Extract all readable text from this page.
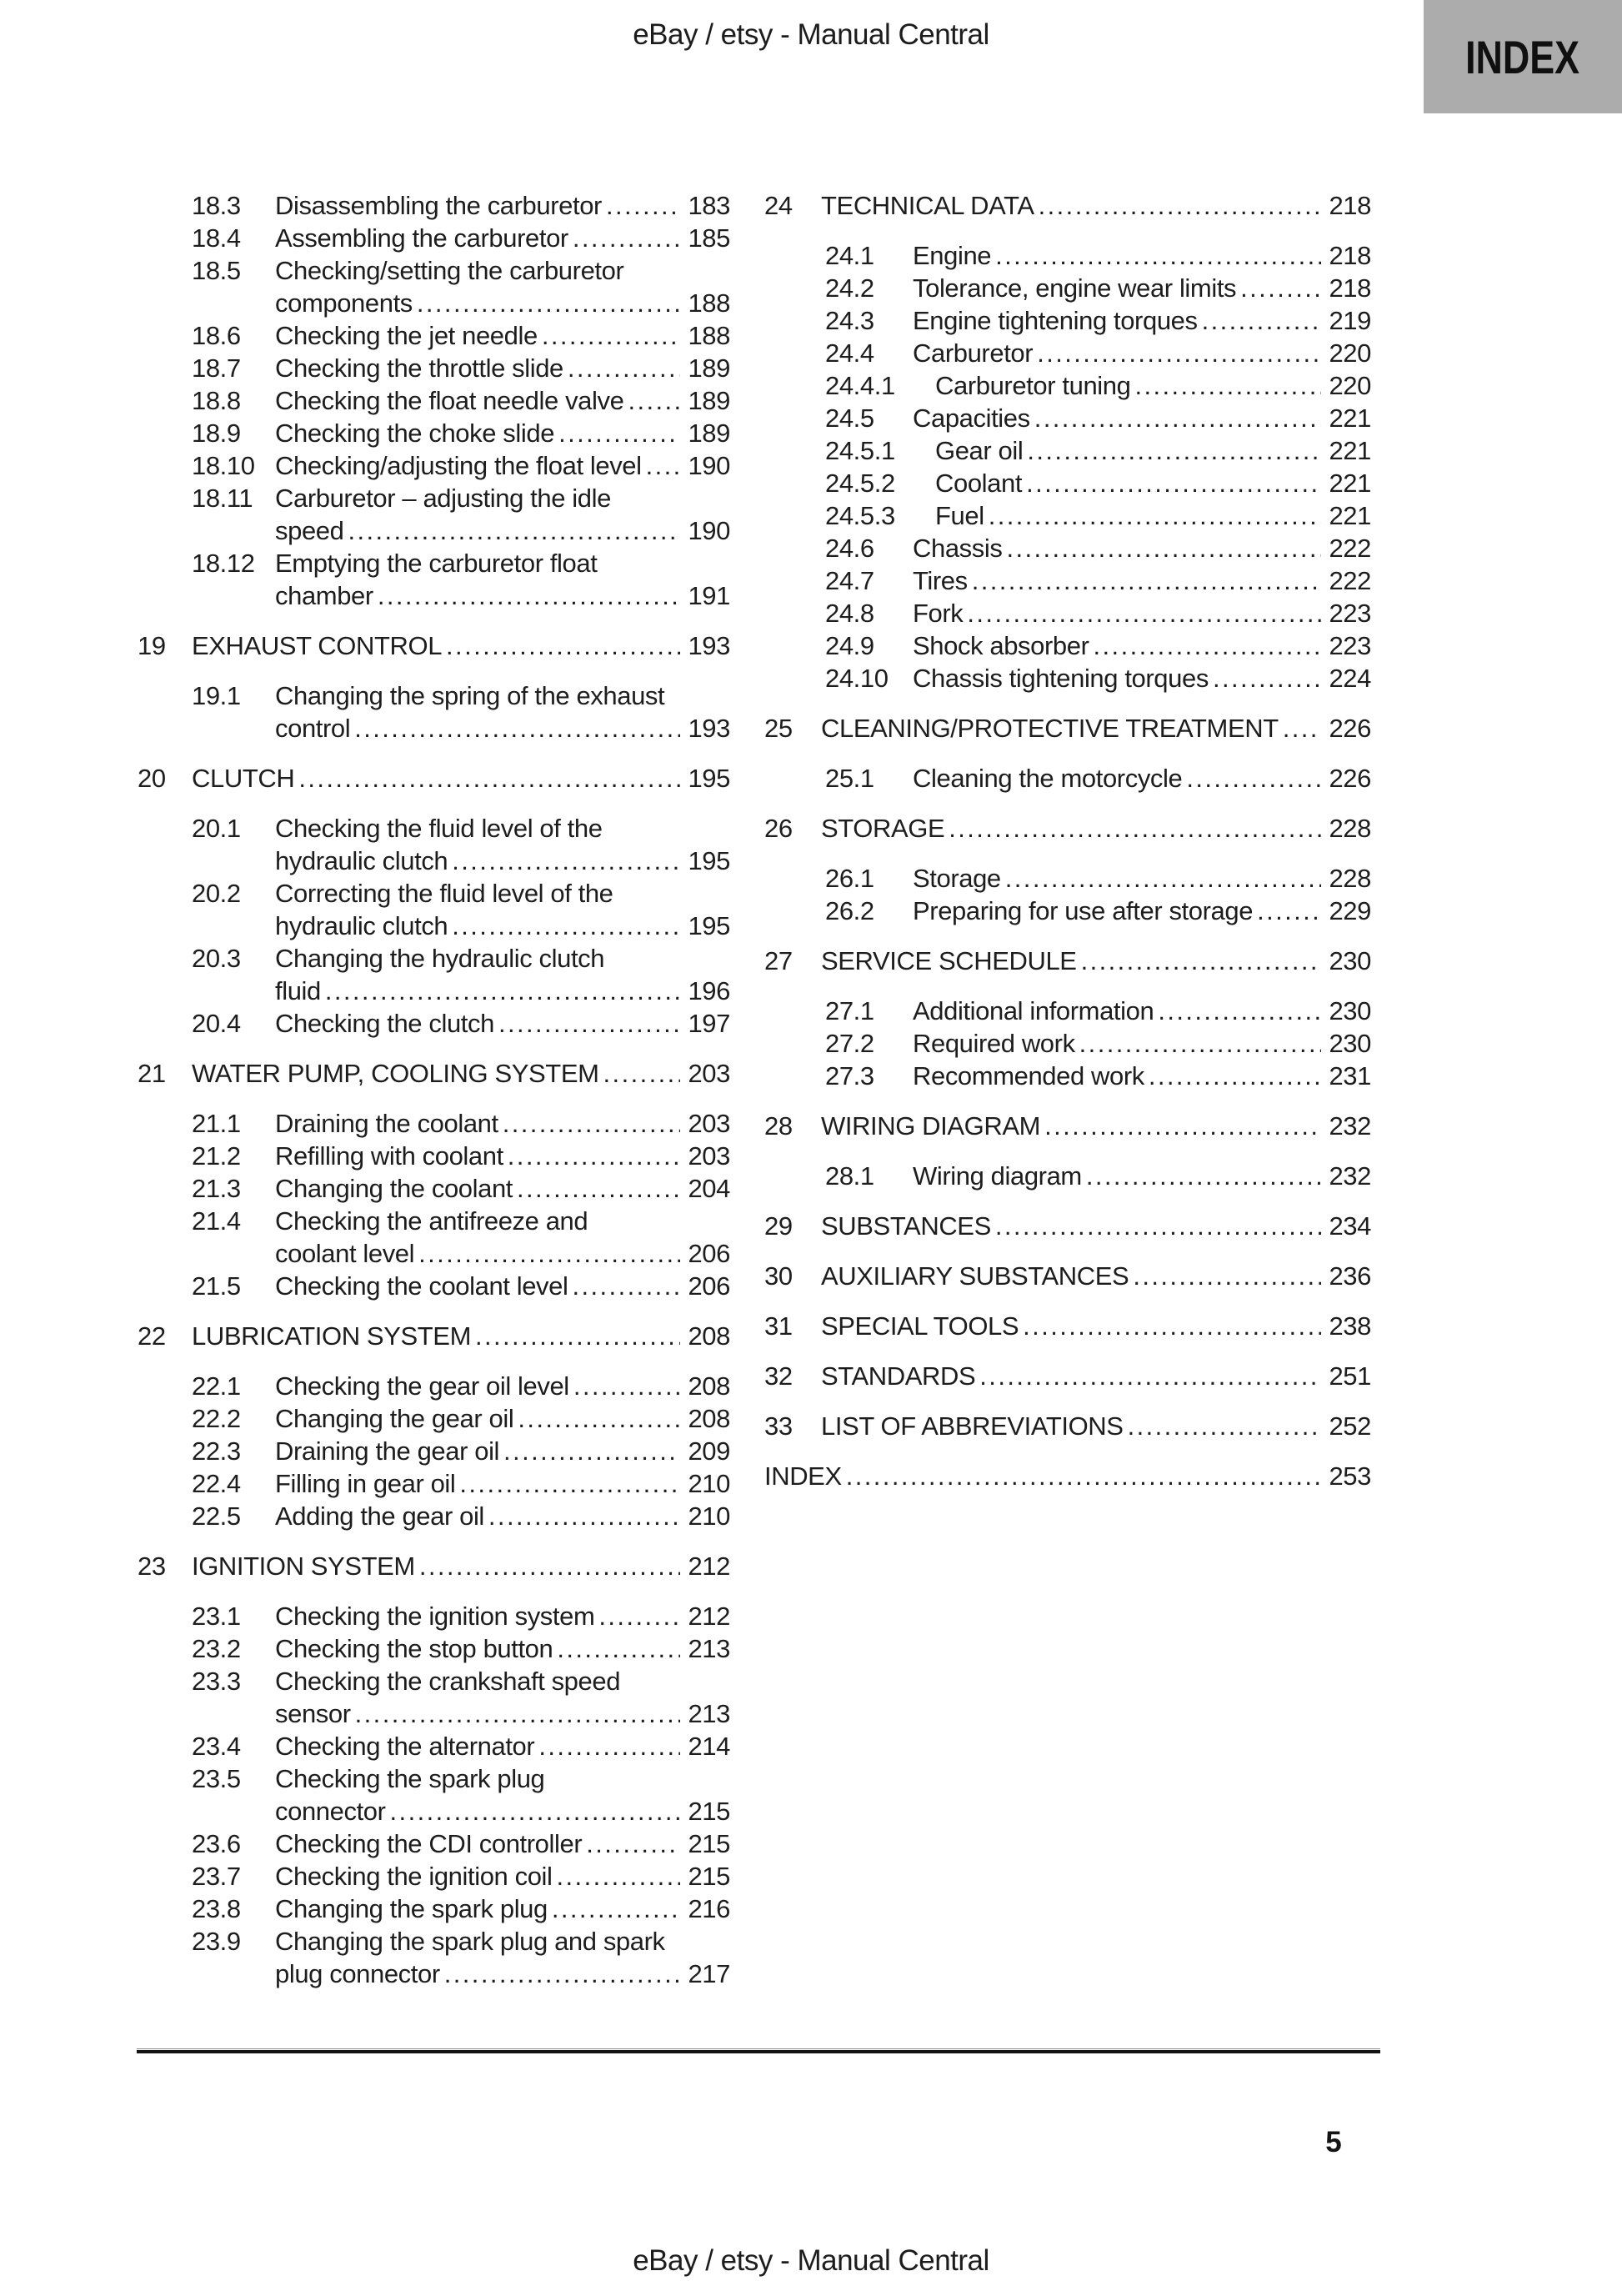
eBay / etsy - Manual Central	INDEX
18.3	Disassembling the carburetor .....	183
18.4	Assembling the carburetor .....	185
18.5	Checking/setting the carburetor
components .....	188
18.6	Checking the jet needle .....	188
18.7	Checking the throttle slide .....	189
18.8	Checking the float needle valve ..... 189
18.9	Checking the choke slide .....	189
18.10 Checking/adjusting the float level ..... 190
18.11 Carburetor – adjusting the idle
speed .....	190
18.12 Emptying the carburetor float
chamber .....	191
19	EXHAUST CONTROL .....	193
19.1	Changing the spring of the exhaust
control .....	193
20	CLUTCH .....	195
20.1	Checking the fluid level of the
hydraulic clutch .....	195
20.2	Correcting the fluid level of the
hydraulic clutch .....	195
20.3	Changing the hydraulic clutch
fluid .....	196
20.4	Checking the clutch .....	197
21	WATER PUMP, COOLING SYSTEM .....	203
21.1	Draining the coolant .....	203
21.2	Refilling with coolant .....	203
21.3	Changing the coolant .....	204
21.4	Checking the antifreeze and
coolant level .....	206
21.5	Checking the coolant level .....	206
22	LUBRICATION SYSTEM .....	208
22.1	Checking the gear oil level .....	208
22.2	Changing the gear oil .....	208
22.3	Draining the gear oil .....	209
22.4	Filling in gear oil .....	210
22.5	Adding the gear oil .....	210
23	IGNITION SYSTEM .....	212
23.1	Checking the ignition system .....	212
23.2	Checking the stop button .....	213
23.3	Checking the crankshaft speed
sensor .....	213
23.4	Checking the alternator .....	214
23.5	Checking the spark plug
connector .....	215
23.6	Checking the CDI controller .....	215
23.7	Checking the ignition coil .....	215
23.8	Changing the spark plug .....	216
23.9	Changing the spark plug and spark
plug connector .....	217
24	TECHNICAL DATA .....	218
24.1	Engine .....	218
24.2	Tolerance, engine wear limits .....	218
24.3	Engine tightening torques .....	219
24.4	Carburetor .....	220
24.4.1	Carburetor tuning .....	220
24.5	Capacities .....	221
24.5.1	Gear oil .....	221
24.5.2	Coolant .....	221
24.5.3	Fuel .....	221
24.6	Chassis .....	222
24.7	Tires .....	222
24.8	Fork .....	223
24.9	Shock absorber .....	223
24.10 Chassis tightening torques .....	224
25	CLEANING/PROTECTIVE TREATMENT ..... 226
25.1	Cleaning the motorcycle .....	226
26	STORAGE .....	228
26.1	Storage .....	228
26.2	Preparing for use after storage .....	229
27	SERVICE SCHEDULE .....	230
27.1	Additional information .....	230
27.2	Required work .....	230
27.3	Recommended work .....	231
28	WIRING DIAGRAM .....	232
28.1	Wiring diagram .....	232
29	SUBSTANCES .....	234
30	AUXILIARY SUBSTANCES .....	236
31	SPECIAL TOOLS .....	238
32	STANDARDS .....	251
33	LIST OF ABBREVIATIONS .....	252
INDEX .....	253
5
eBay / etsy - Manual Central
